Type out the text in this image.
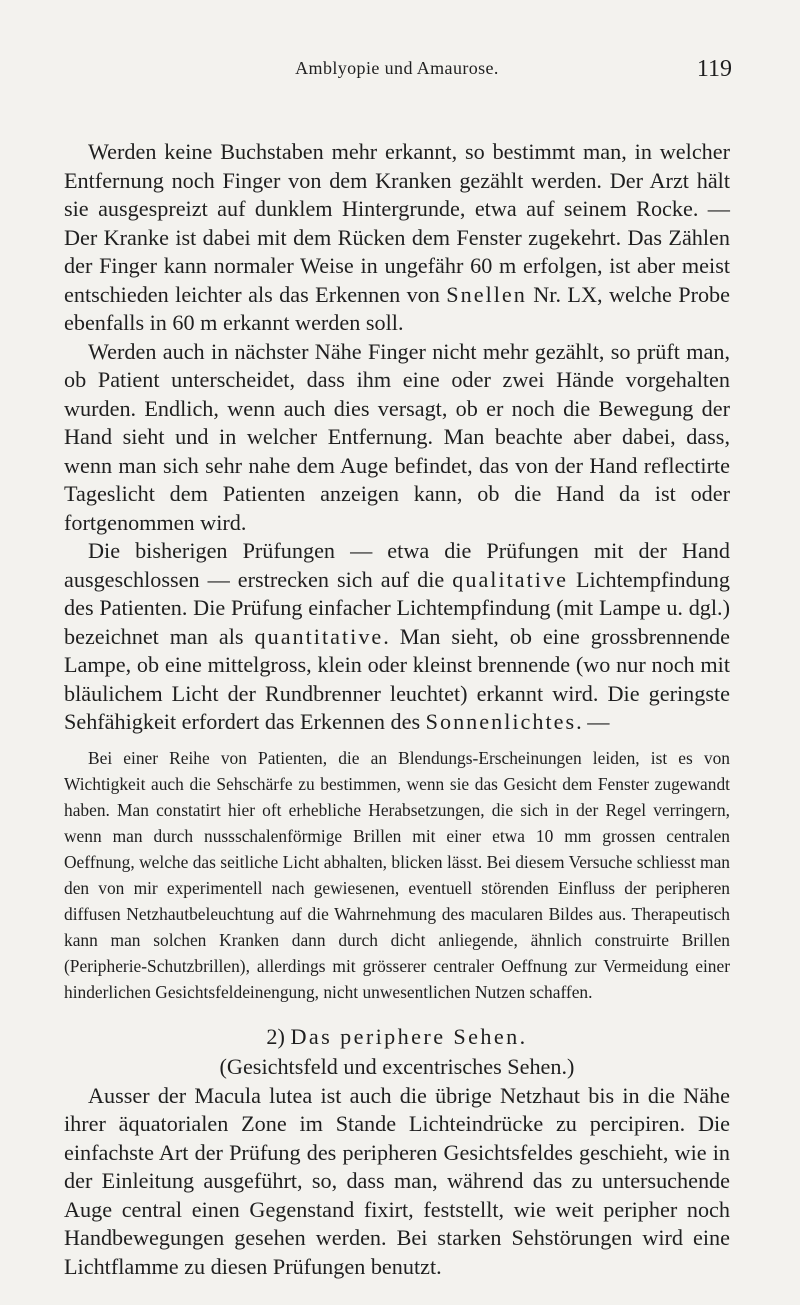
Amblyopie und Amaurose.	119

Werden keine Buchstaben mehr erkannt, so bestimmt man, in welcher Entfernung noch Finger von dem Kranken gezählt werden. Der Arzt hält sie ausgespreizt auf dunklem Hintergrunde, etwa auf seinem Rocke. — Der Kranke ist dabei mit dem Rücken dem Fenster zugekehrt. Das Zählen der Finger kann normaler Weise in ungefähr 60 m erfolgen, ist aber meist entschieden leichter als das Erkennen von Snellen Nr. LX, welche Probe ebenfalls in 60 m erkannt werden soll.

Werden auch in nächster Nähe Finger nicht mehr gezählt, so prüft man, ob Patient unterscheidet, dass ihm eine oder zwei Hände vorgehalten wurden. Endlich, wenn auch dies versagt, ob er noch die Bewegung der Hand sieht und in welcher Entfernung. Man beachte aber dabei, dass, wenn man sich sehr nahe dem Auge befindet, das von der Hand reflectirte Tageslicht dem Patienten anzeigen kann, ob die Hand da ist oder fortgenommen wird.

Die bisherigen Prüfungen — etwa die Prüfungen mit der Hand ausgeschlossen — erstrecken sich auf die qualitative Lichtempfindung des Patienten. Die Prüfung einfacher Lichtempfindung (mit Lampe u. dgl.) bezeichnet man als quantitative. Man sieht, ob eine grossbrennende Lampe, ob eine mittelgross, klein oder kleinst brennende (wo nur noch mit bläulichem Licht der Rundbrenner leuchtet) erkannt wird. Die geringste Sehfähigkeit erfordert das Erkennen des Sonnenlichtes. —

Bei einer Reihe von Patienten, die an Blendungs-Erscheinungen leiden, ist es von Wichtigkeit auch die Sehschärfe zu bestimmen, wenn sie das Gesicht dem Fenster zugewandt haben. Man constatirt hier oft erhebliche Herabsetzungen, die sich in der Regel verringern, wenn man durch nussschalenförmige Brillen mit einer etwa 10 mm grossen centralen Oeffnung, welche das seitliche Licht abhalten, blicken lässt. Bei diesem Versuche schliesst man den von mir experimentell nach gewiesenen, eventuell störenden Einfluss der peripheren diffusen Netzhautbeleuchtung auf die Wahrnehmung des macularen Bildes aus. Therapeutisch kann man solchen Kranken dann durch dicht anliegende, ähnlich construirte Brillen (Peripherie-Schutzbrillen), allerdings mit grösserer centraler Oeffnung zur Vermeidung einer hinderlichen Gesichtsfeldeinengung, nicht unwesentlichen Nutzen schaffen.

2) Das periphere Sehen.
(Gesichtsfeld und excentrisches Sehen.)

Ausser der Macula lutea ist auch die übrige Netzhaut bis in die Nähe ihrer äquatorialen Zone im Stande Lichteindrücke zu percipiren. Die einfachste Art der Prüfung des peripheren Gesichtsfeldes geschieht, wie in der Einleitung ausgeführt, so, dass man, während das zu untersuchende Auge central einen Gegenstand fixirt, feststellt, wie weit peripher noch Handbewegungen gesehen werden. Bei starken Sehstörungen wird eine Lichtflamme zu diesen Prüfungen benutzt.
